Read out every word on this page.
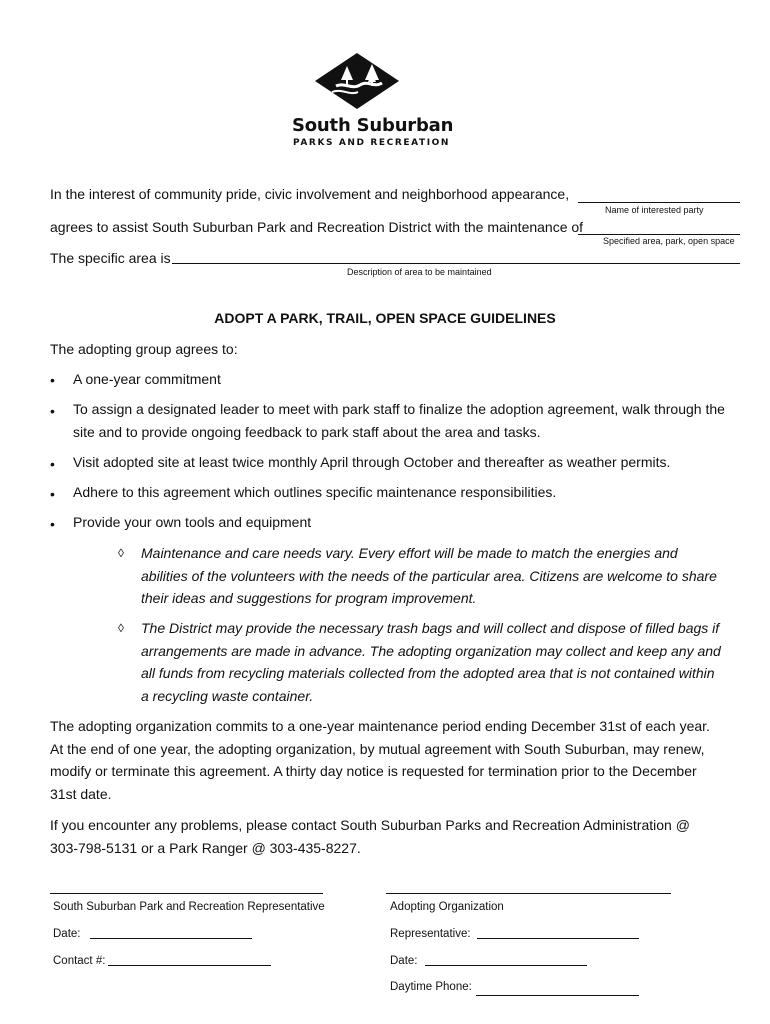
South Suburban
PARKS AND RECREATION
In the interest of community pride, civic involvement and neighborhood appearance,
Name of interested party
agrees to assist South Suburban Park and Recreation District with the maintenance of
Specified area, park, open space
The specific area is
Description of area to be maintained
ADOPT A PARK, TRAIL, OPEN SPACE GUIDELINES
The adopting group agrees to:
• A one-year commitment
• To assign a designated leader to meet with park staff to finalize the adoption agreement, walk through the site and to provide ongoing feedback to park staff about the area and tasks.
• Visit adopted site at least twice monthly April through October and thereafter as weather permits.
• Adhere to this agreement which outlines specific maintenance responsibilities.
• Provide your own tools and equipment
◊ Maintenance and care needs vary. Every effort will be made to match the energies and abilities of the volunteers with the needs of the particular area. Citizens are welcome to share their ideas and suggestions for program improvement.
◊ The District may provide the necessary trash bags and will collect and dispose of filled bags if arrangements are made in advance. The adopting organization may collect and keep any and all funds from recycling materials collected from the adopted area that is not contained within a recycling waste container.
The adopting organization commits to a one-year maintenance period ending December 31st of each year. At the end of one year, the adopting organization, by mutual agreement with South Suburban, may renew, modify or terminate this agreement. A thirty day notice is requested for termination prior to the December 31st date.
If you encounter any problems, please contact South Suburban Parks and Recreation Administration @ 303-798-5131 or a Park Ranger @ 303-435-8227.
South Suburban Park and Recreation Representative
Date:
Contact #:
Adopting Organization
Representative:
Date:
Daytime Phone:
